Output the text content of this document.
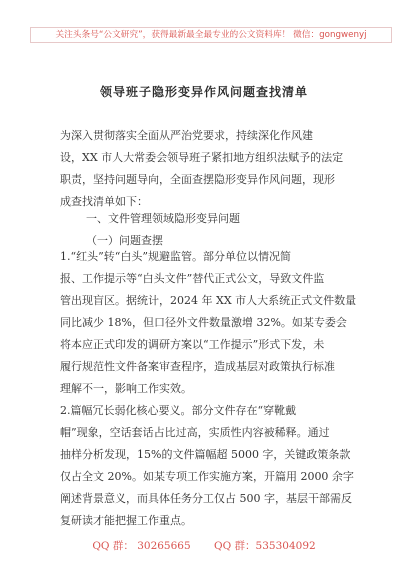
关注头条号“公文研究”，获得最新最全最专业的公文资料库！ 微信：gongwenyj
领导班子隐形变异作风问题查找清单

为深入贯彻落实全面从严治党要求，持续深化作风建

设，XX 市人大常委会领导班子紧扣地方组织法赋予的法定

职责，坚持问题导向，全面查摆隐形变异作风问题，现形

成查找清单如下：

一、文件管理领域隐形变异问题

（一）问题查摆

1.“红头”转“白头”规避监管。部分单位以情况简

报、工作提示等“白头文件”替代正式公文，导致文件监

管出现盲区。据统计，2024 年 XX 市人大系统正式文件数量

同比减少 18%，但口径外文件数量激增 32%。如某专委会

将本应正式印发的调研方案以“工作提示”形式下发，未

履行规范性文件备案审查程序，造成基层对政策执行标准

理解不一，影响工作实效。

2.篇幅冗长弱化核心要义。部分文件存在“穿靴戴

帽”现象，空话套话占比过高，实质性内容被稀释。通过

抽样分析发现，15%的文件篇幅超 5000 字，关键政策条款

仅占全文 20%。如某专项工作实施方案，开篇用 2000 余字

阐述背景意义，而具体任务分工仅占 500 字，基层干部需反

复研读才能把握工作重点。

QQ 群： 30265665 QQ 群：535304092
